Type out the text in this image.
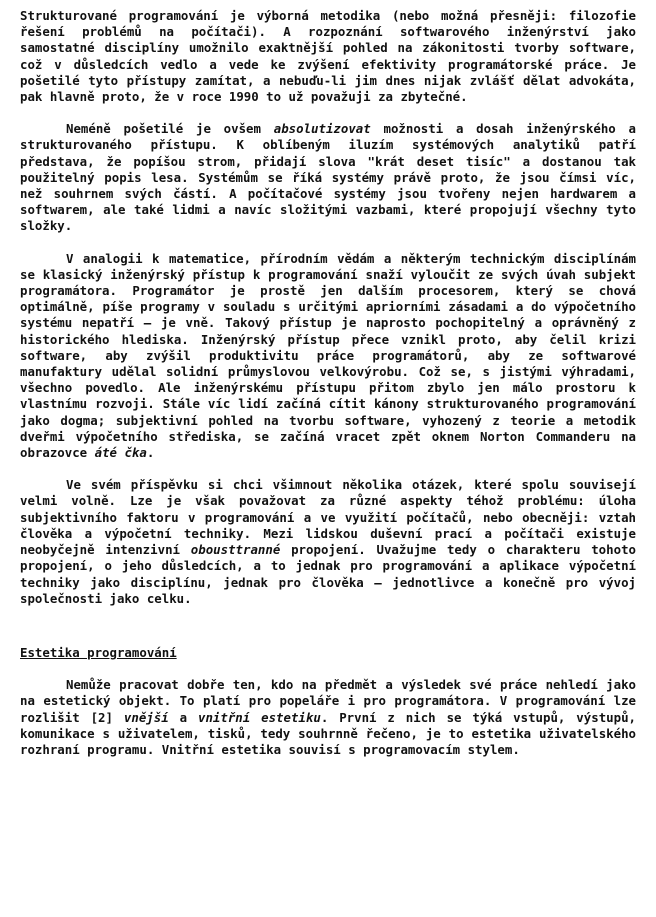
Strukturované programování je výborná metodika (nebo možná přesněji: filozofie řešení problémů na počítači). A rozpoznání softwarového inženýrství jako samostatné disciplíny umožnilo exaktnější pohled na zákonitosti tvorby software, což v důsledcích vedlo a vede ke zvýšení efektivity programátorské práce. Je pošetilé tyto přístupy zamítat, a nebuďu-li jim dnes nijak zvlášť dělat advokáta, pak hlavně proto, že v roce 1990 to už považuji za zbytečné.

Neméně pošetilé je ovšem absolutizovat možnosti a dosah inženýrského a strukturovaného přístupu. K oblíbeným iluzím systémových analytiků patří představa, že popíšou strom, přidají slova "krát deset tisíc" a dostanou tak použitelný popis lesa. Systémům se říká systémy právě proto, že jsou čímsi víc, než souhrnem svých částí. A počítačové systémy jsou tvořeny nejen hardwarem a softwarem, ale také lidmi a navíc složitými vazbami, které propojují všechny tyto složky.

V analogii k matematice, přírodním vědám a některým technickým disciplínám se klasický inženýrský přístup k programování snaží vyloučit ze svých úvah subjekt programátora. Programátor je prostě jen dalším procesorem, který se chová optimálně, píše programy v souladu s určitými apriorními zásadami a do výpočetního systému nepatří – je vně. Takový přístup je naprosto pochopitelný a oprávněný z historického hlediska. Inženýrský přístup přece vznikl proto, aby čelil krizi software, aby zvýšil produktivitu práce programátorů, aby ze softwarové manufaktury udělal solidní průmyslovou velkovýrobu. Což se, s jistými výhradami, všechno povedlo. Ale inženýrskému přístupu přitom zbylo jen málo prostoru k vlastnímu rozvoji. Stále víc lidí začíná cítit kánony strukturovaného programování jako dogma; subjektivní pohled na tvorbu software, vyhozený z teorie a metodik dveřmi výpočetního střediska, se začíná vracet zpět oknem Norton Commanderu na obrazovce áté čka.

Ve svém příspěvku si chci všimnout několika otázek, které spolu souvisejí velmi volně. Lze je však považovat za různé aspekty téhož problému: úloha subjektivního faktoru v programování a ve využití počítačů, nebo obecněji: vztah člověka a výpočetní techniky. Mezi lidskou duševní prací a počítači existuje neobyčejně intenzivní obousttranné propojení. Uvažujme tedy o charakteru tohoto propojení, o jeho důsledcích, a to jednak pro programování a aplikace výpočetní techniky jako disciplínu, jednak pro člověka – jednotlivce a konečně pro vývoj společnosti jako celku.

Estetika programování

Nemůže pracovat dobře ten, kdo na předmět a výsledek své práce nehledí jako na estetický objekt. To platí pro popeláře i pro programátora. V programování lze rozlišit [2] vnější a vnitřní estetiku. První z nich se týká vstupů, výstupů, komunikace s uživatelem, tisků, tedy souhrnně řečeno, je to estetika uživatelského rozhraní programu. Vnitřní estetika souvisí s programovacím stylem.
